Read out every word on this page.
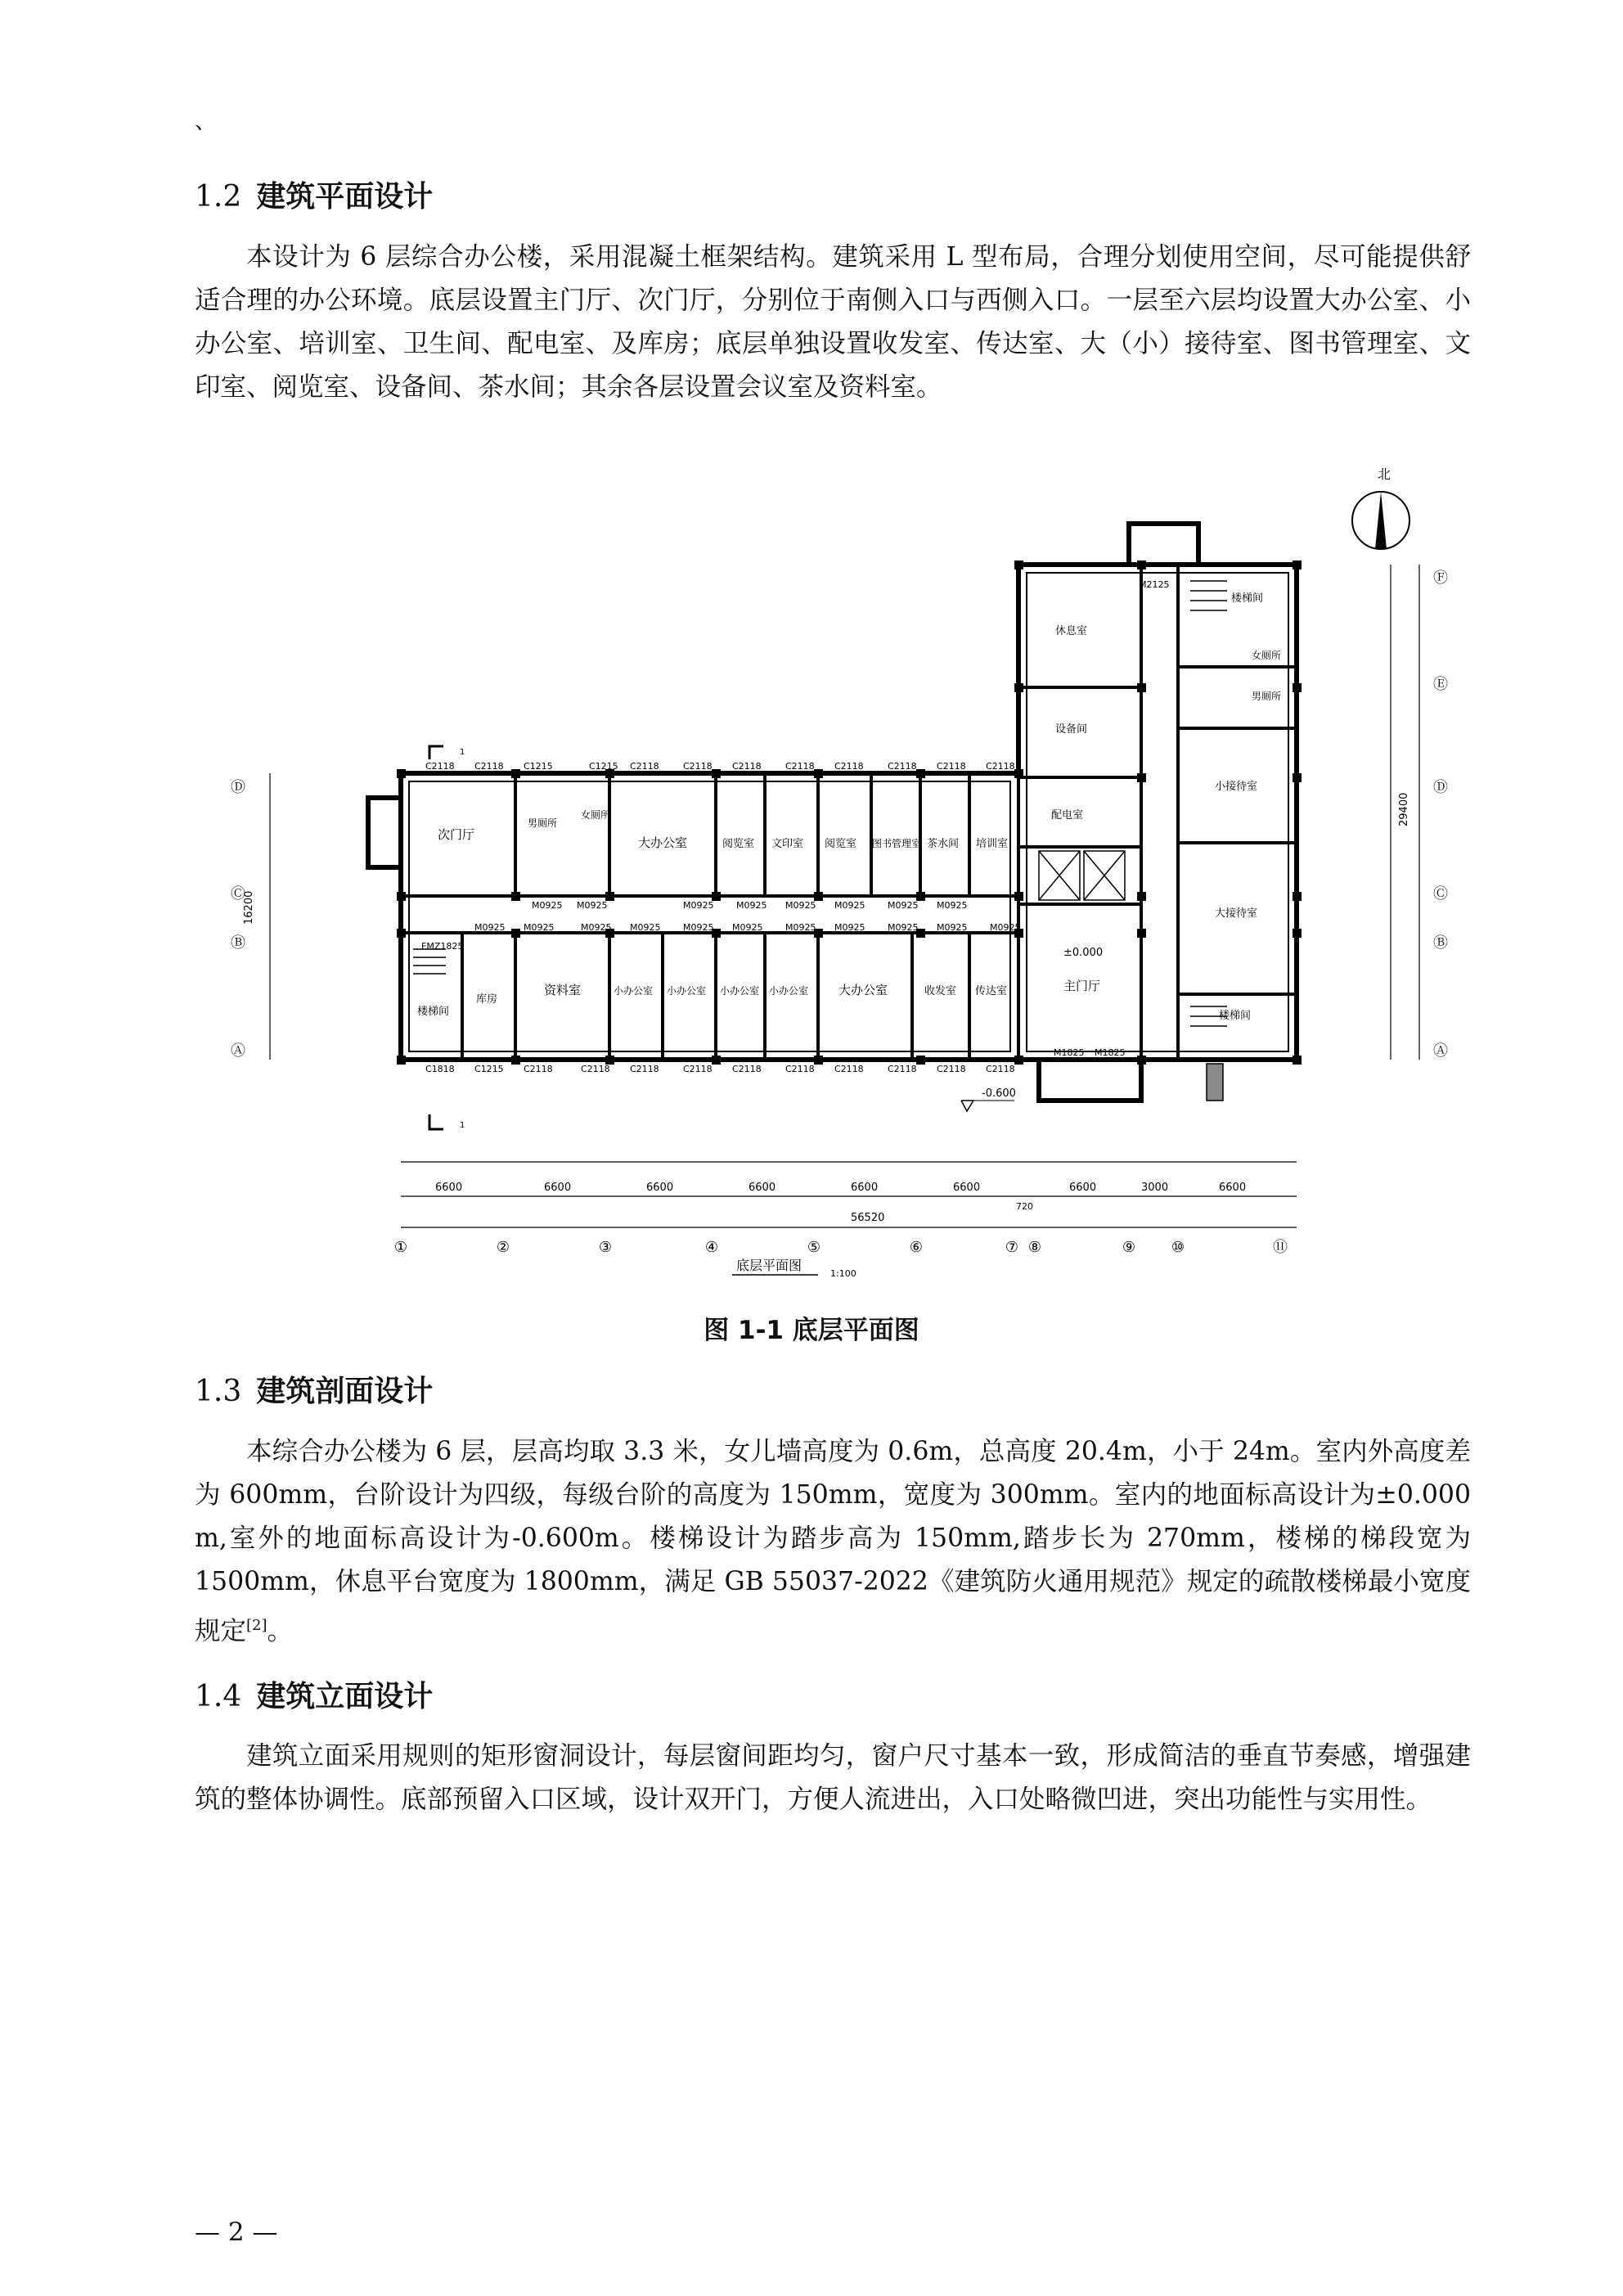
、
1.2 建筑平面设计

本设计为 6 层综合办公楼，采用混凝土框架结构。建筑采用 L 型布局，合理分划使用空间，尽可能提供舒适合理的办公环境。底层设置主门厅、次门厅，分别位于南侧入口与西侧入口。一层至六层均设置大办公室、小办公室、培训室、卫生间、配电室、及库房；底层单独设置收发室、传达室、大（小）接待室、图书管理室、文印室、阅览室、设备间、茶水间；其余各层设置会议室及资料室。

北
次门厅
男厕所
女厕所
大办公室	阅览室 文印室 阅览室 图书管理室 茶水间 培训室
楼梯间
库房
资料室	小办公室 小办公室 小办公室 小办公室 大办公室	收发室 传达室	主门厅
±0.000
配电室
休息室
设备间
楼梯间
女厕所
男厕所
小接待室
大接待室
楼梯间
C2118 C2118 C1215	C1215 C2118	C2118 C2118	C2118 C2118	C2118 C2118 C2118
C1818 C1215 C2118	C2118 C2118	C2118 C2118	C2118 C2118	C2118 C2118 C2118
M0925 M0925	M0925	M0925 M0925 M0925	M0925 M0925
M0925 M0925	M0925 M0925	M0925 M0925	M0925 M0925	M0925 M0925	M0925
FMZ1825
M1825 M1825
M2125
1
1
-0.600
6600	6600	6600	6600	6600	6600	6600	3000	6600
720
56520
16200
29400
①	②	③	④	⑤	⑥	⑦ ⑧	⑨ ⑩	⑪
Ⓓ
Ⓒ
Ⓑ
Ⓐ
Ⓕ
Ⓔ
Ⓓ
Ⓒ
Ⓑ
Ⓐ
底层平面图
1:100
图 1-1 底层平面图
1.3 建筑剖面设计

本综合办公楼为 6 层，层高均取 3.3 米，女儿墙高度为 0.6m，总高度 20.4m，小于 24m。室内外高度差为 600mm，台阶设计为四级，每级台阶的高度为 150mm，宽度为 300mm。室内的地面标高设计为±0.000 m,室外的地面标高设计为-0.600m。楼梯设计为踏步高为 150mm,踏步长为 270mm，楼梯的梯段宽为 1500mm，休息平台宽度为 1800mm，满足 GB 55037-2022《建筑防火通用规范》规定的疏散楼梯最小宽度规定[2]。

1.4 建筑立面设计

建筑立面采用规则的矩形窗洞设计，每层窗间距均匀，窗户尺寸基本一致，形成简洁的垂直节奏感，增强建筑的整体协调性。底部预留入口区域，设计双开门，方便人流进出，入口处略微凹进，突出功能性与实用性。

— 2 —
